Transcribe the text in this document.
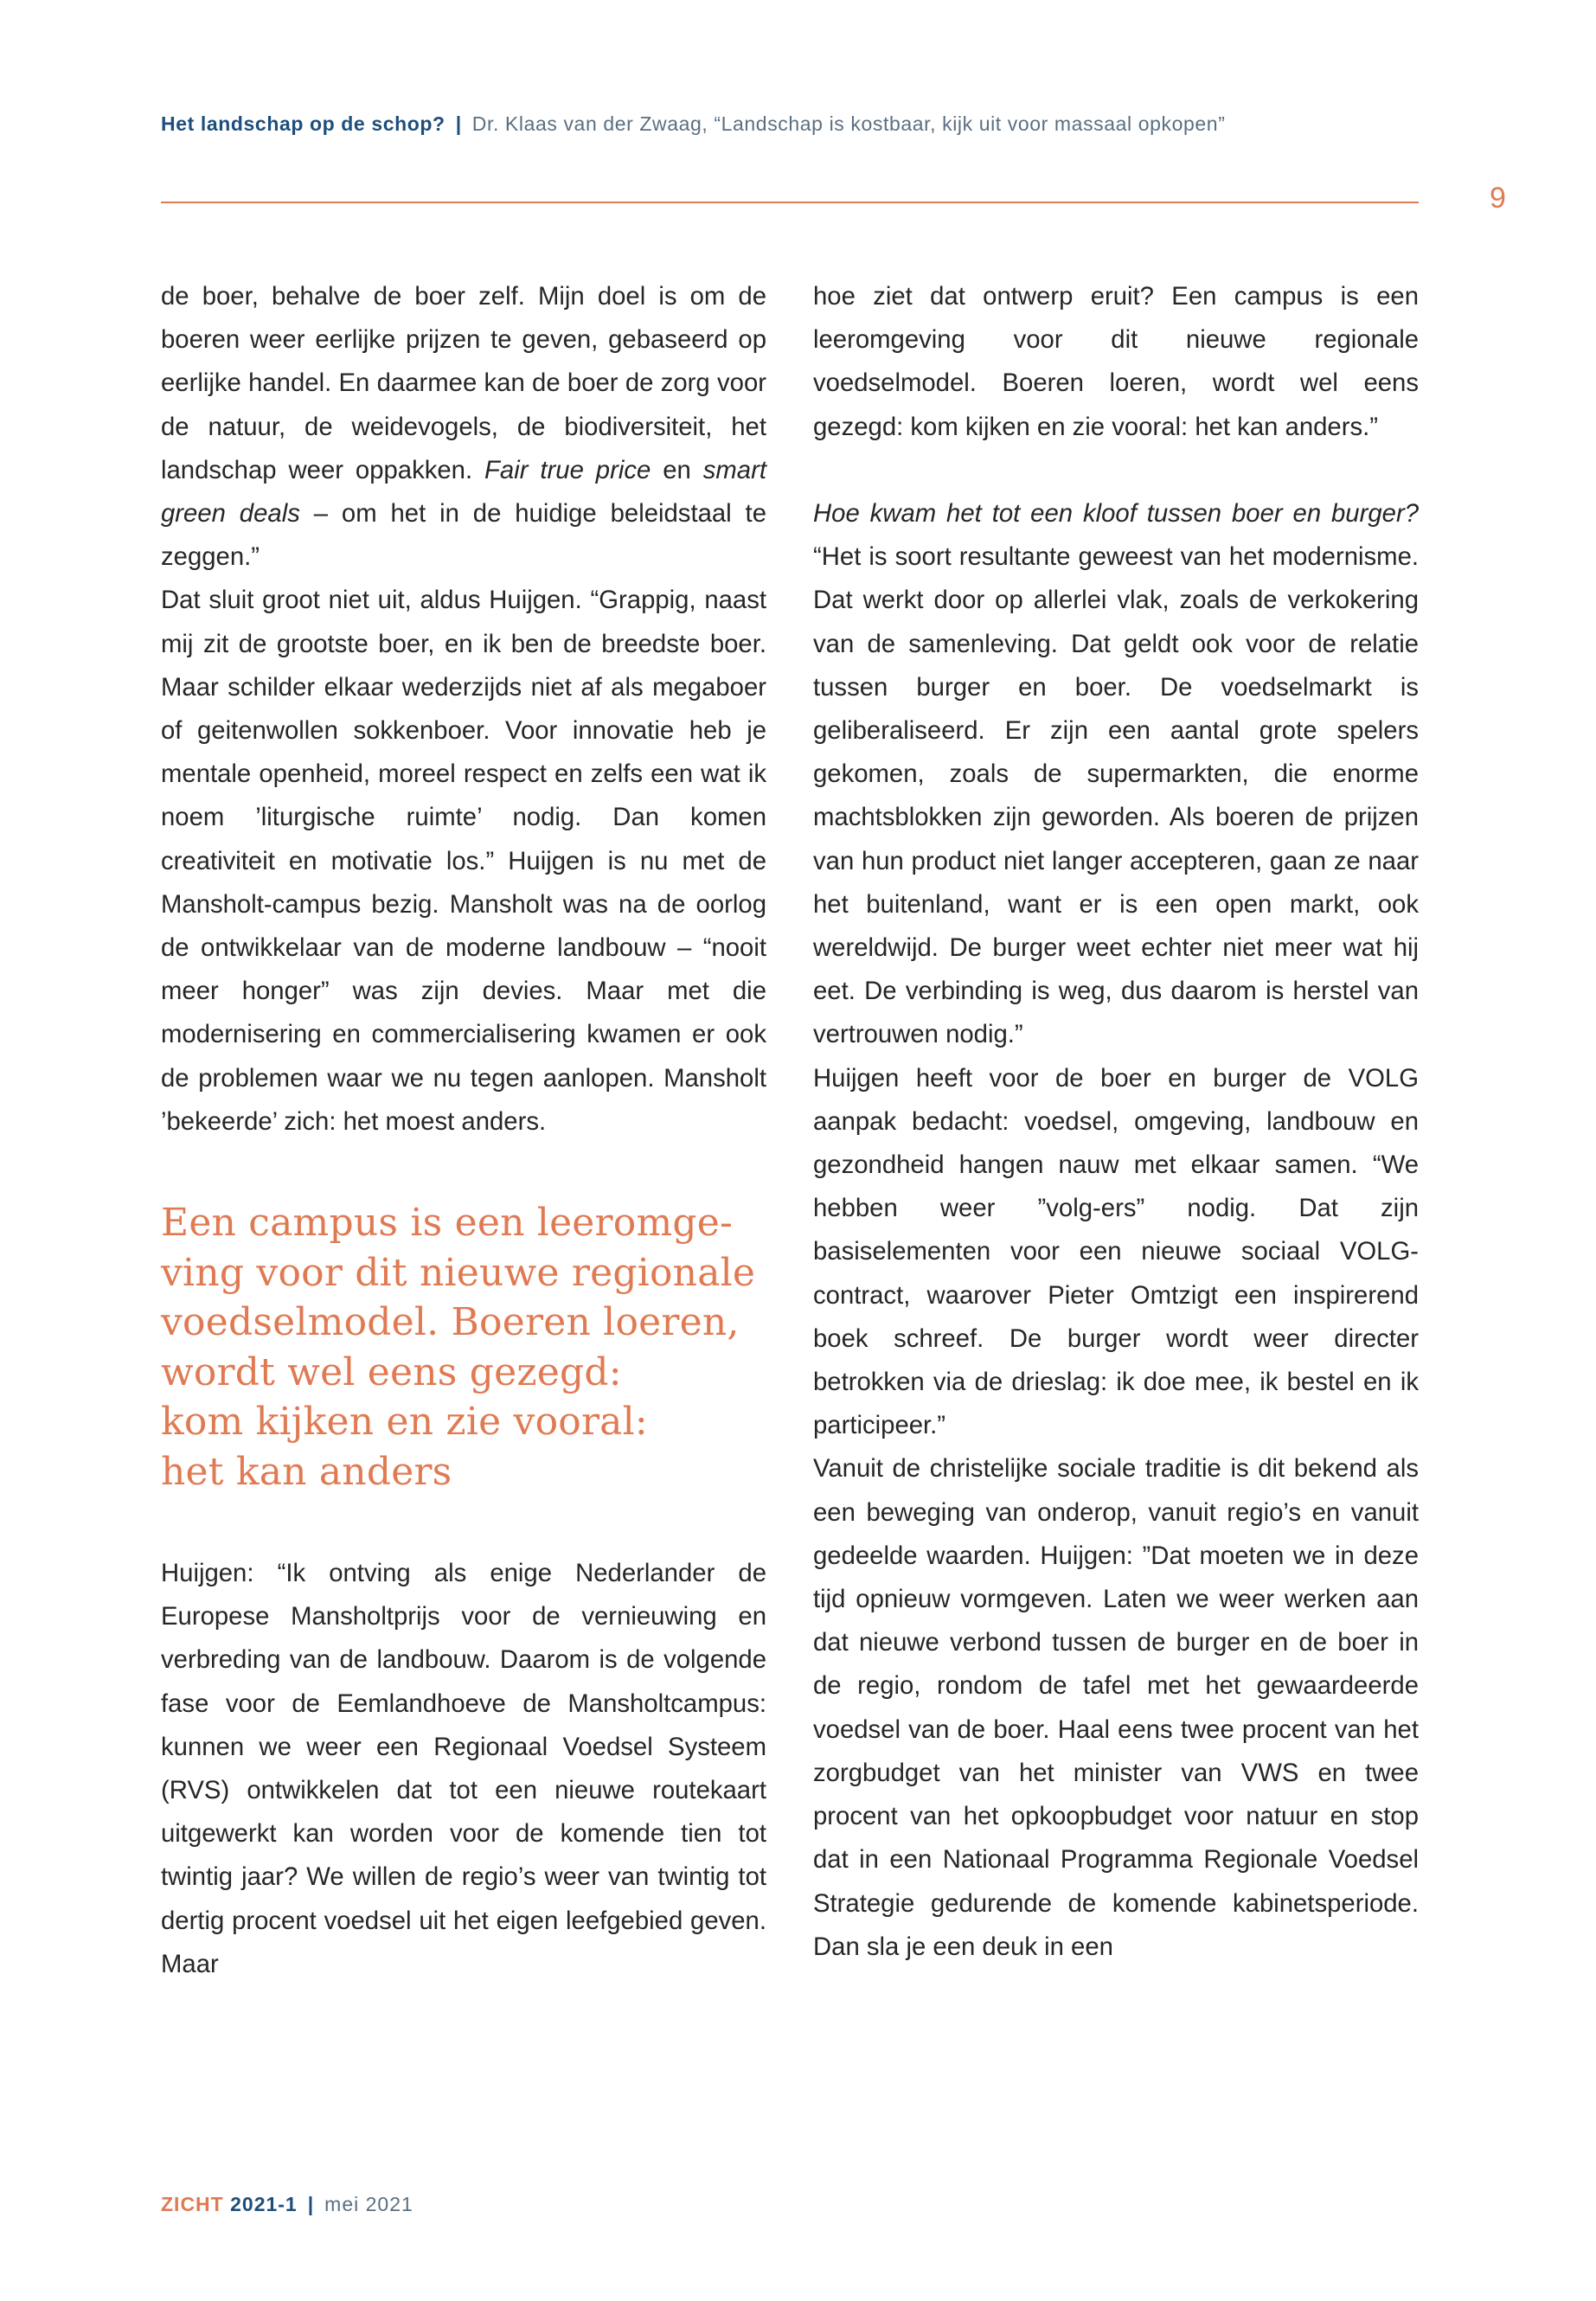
Het landschap op de schop? | Dr. Klaas van der Zwaag, “Landschap is kostbaar, kijk uit voor massaal opkopen”
9

de boer, behalve de boer zelf. Mijn doel is om de boeren weer eerlijke prijzen te geven, gebaseerd op eerlijke handel. En daarmee kan de boer de zorg voor de natuur, de weidevogels, de biodiversiteit, het landschap weer oppakken. Fair true price en smart green deals – om het in de huidige beleidstaal te zeggen.”

Dat sluit groot niet uit, aldus Huijgen. “Grappig, naast mij zit de grootste boer, en ik ben de breedste boer. Maar schilder elkaar wederzijds niet af als megaboer of geitenwollen sokkenboer. Voor innovatie heb je mentale openheid, moreel respect en zelfs een wat ik noem ’liturgische ruimte’ nodig. Dan komen creativiteit en motivatie los.” Huijgen is nu met de Mansholt-campus bezig. Mansholt was na de oorlog de ontwikkelaar van de moderne landbouw – “nooit meer honger” was zijn devies. Maar met die modernisering en commercialisering kwamen er ook de problemen waar we nu tegen aanlopen. Mansholt ’bekeerde’ zich: het moest anders.

Een campus is een leeromge-
ving voor dit nieuwe regionale
voedselmodel. Boeren loeren,
wordt wel eens gezegd:
kom kijken en zie vooral:
het kan anders

Huijgen: “Ik ontving als enige Nederlander de Europese Mansholtprijs voor de vernieuwing en verbreding van de landbouw. Daarom is de volgende fase voor de Eemlandhoeve de Mansholtcampus: kunnen we weer een Regionaal Voedsel Systeem (RVS) ontwikkelen dat tot een nieuwe routekaart uitgewerkt kan worden voor de komende tien tot twintig jaar? We willen de regio’s weer van twintig tot dertig procent voedsel uit het eigen leefgebied geven. Maar

hoe ziet dat ontwerp eruit? Een campus is een leeromgeving voor dit nieuwe regionale voedselmodel. Boeren loeren, wordt wel eens gezegd: kom kijken en zie vooral: het kan anders.”

Hoe kwam het tot een kloof tussen boer en burger? “Het is soort resultante geweest van het modernisme. Dat werkt door op allerlei vlak, zoals de verkokering van de samenleving. Dat geldt ook voor de relatie tussen burger en boer. De voedselmarkt is geliberaliseerd. Er zijn een aantal grote spelers gekomen, zoals de supermarkten, die enorme machtsblokken zijn geworden. Als boeren de prijzen van hun product niet langer accepteren, gaan ze naar het buitenland, want er is een open markt, ook wereldwijd. De burger weet echter niet meer wat hij eet. De verbinding is weg, dus daarom is herstel van vertrouwen nodig.”

Huijgen heeft voor de boer en burger de VOLG aanpak bedacht: voedsel, omgeving, landbouw en gezondheid hangen nauw met elkaar samen. “We hebben weer ”volg-ers” nodig. Dat zijn basiselementen voor een nieuwe sociaal VOLG-contract, waarover Pieter Omtzigt een inspirerend boek schreef. De burger wordt weer directer betrokken via de drieslag: ik doe mee, ik bestel en ik participeer.”

Vanuit de christelijke sociale traditie is dit bekend als een beweging van onderop, vanuit regio’s en vanuit gedeelde waarden. Huijgen: ”Dat moeten we in deze tijd opnieuw vormgeven. Laten we weer werken aan dat nieuwe verbond tussen de burger en de boer in de regio, rondom de tafel met het gewaardeerde voedsel van de boer. Haal eens twee procent van het zorgbudget van het minister van VWS en twee procent van het opkoopbudget voor natuur en stop dat in een Nationaal Programma Regionale Voedsel Strategie gedurende de komende kabinetsperiode. Dan sla je een deuk in een

ZICHT 2021-1 | mei 2021
